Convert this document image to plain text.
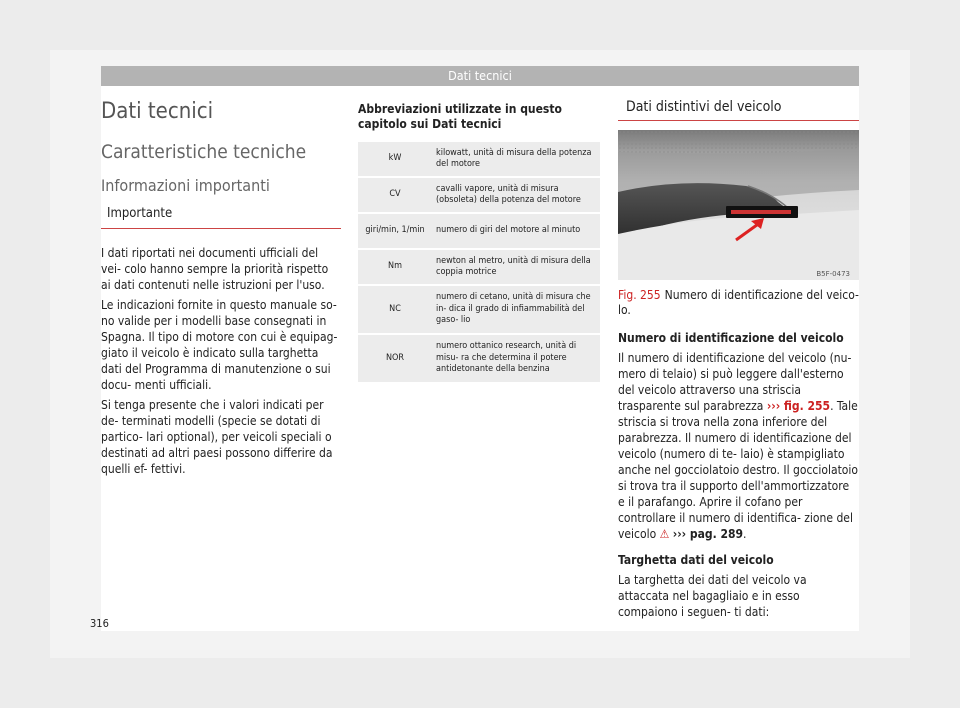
Dati tecnici

Dati tecnici

Caratteristiche tecniche

Informazioni importanti

Importante

I dati riportati nei documenti ufficiali del vei- colo hanno sempre la priorità rispetto ai dati contenuti nelle istruzioni per l'uso.

Le indicazioni fornite in questo manuale so- no valide per i modelli base consegnati in Spagna. Il tipo di motore con cui è equipag- giato il veicolo è indicato sulla targhetta dati del Programma di manutenzione o sui docu- menti ufficiali.

Si tenga presente che i valori indicati per de- terminati modelli (specie se dotati di partico- lari optional), per veicoli speciali o destinati ad altri paesi possono differire da quelli ef- fettivi.

Abbreviazioni utilizzate in questo capitolo sui Dati tecnici

kW	kilowatt, unità di misura della potenza del motore
CV	cavalli vapore, unità di misura (obsoleta) della potenza del motore
giri/min, 1/min	numero di giri del motore al minuto
Nm	newton al metro, unità di misura della coppia motrice
NC	numero di cetano, unità di misura che in- dica il grado di infiammabilità del gaso- lio
NOR	numero ottanico research, unità di misu- ra che determina il potere antidetonante della benzina

Dati distintivi del veicolo

B5F-0473
Fig. 255 Numero di identificazione del veico- lo.

Numero di identificazione del veicolo

Il numero di identificazione del veicolo (nu- mero di telaio) si può leggere dall'esterno del veicolo attraverso una striscia trasparente sul parabrezza ››› fig. 255. Tale striscia si trova nella zona inferiore del parabrezza. Il numero di identificazione del veicolo (numero di te- laio) è stampigliato anche nel gocciolatoio destro. Il gocciolatoio si trova tra il supporto dell'ammortizzatore e il parafango. Aprire il cofano per controllare il numero di identifica- zione del veicolo ⚠ ››› pag. 289.

Targhetta dati del veicolo

La targhetta dei dati del veicolo va attaccata nel bagagliaio e in esso compaiono i seguen- ti dati:

316
